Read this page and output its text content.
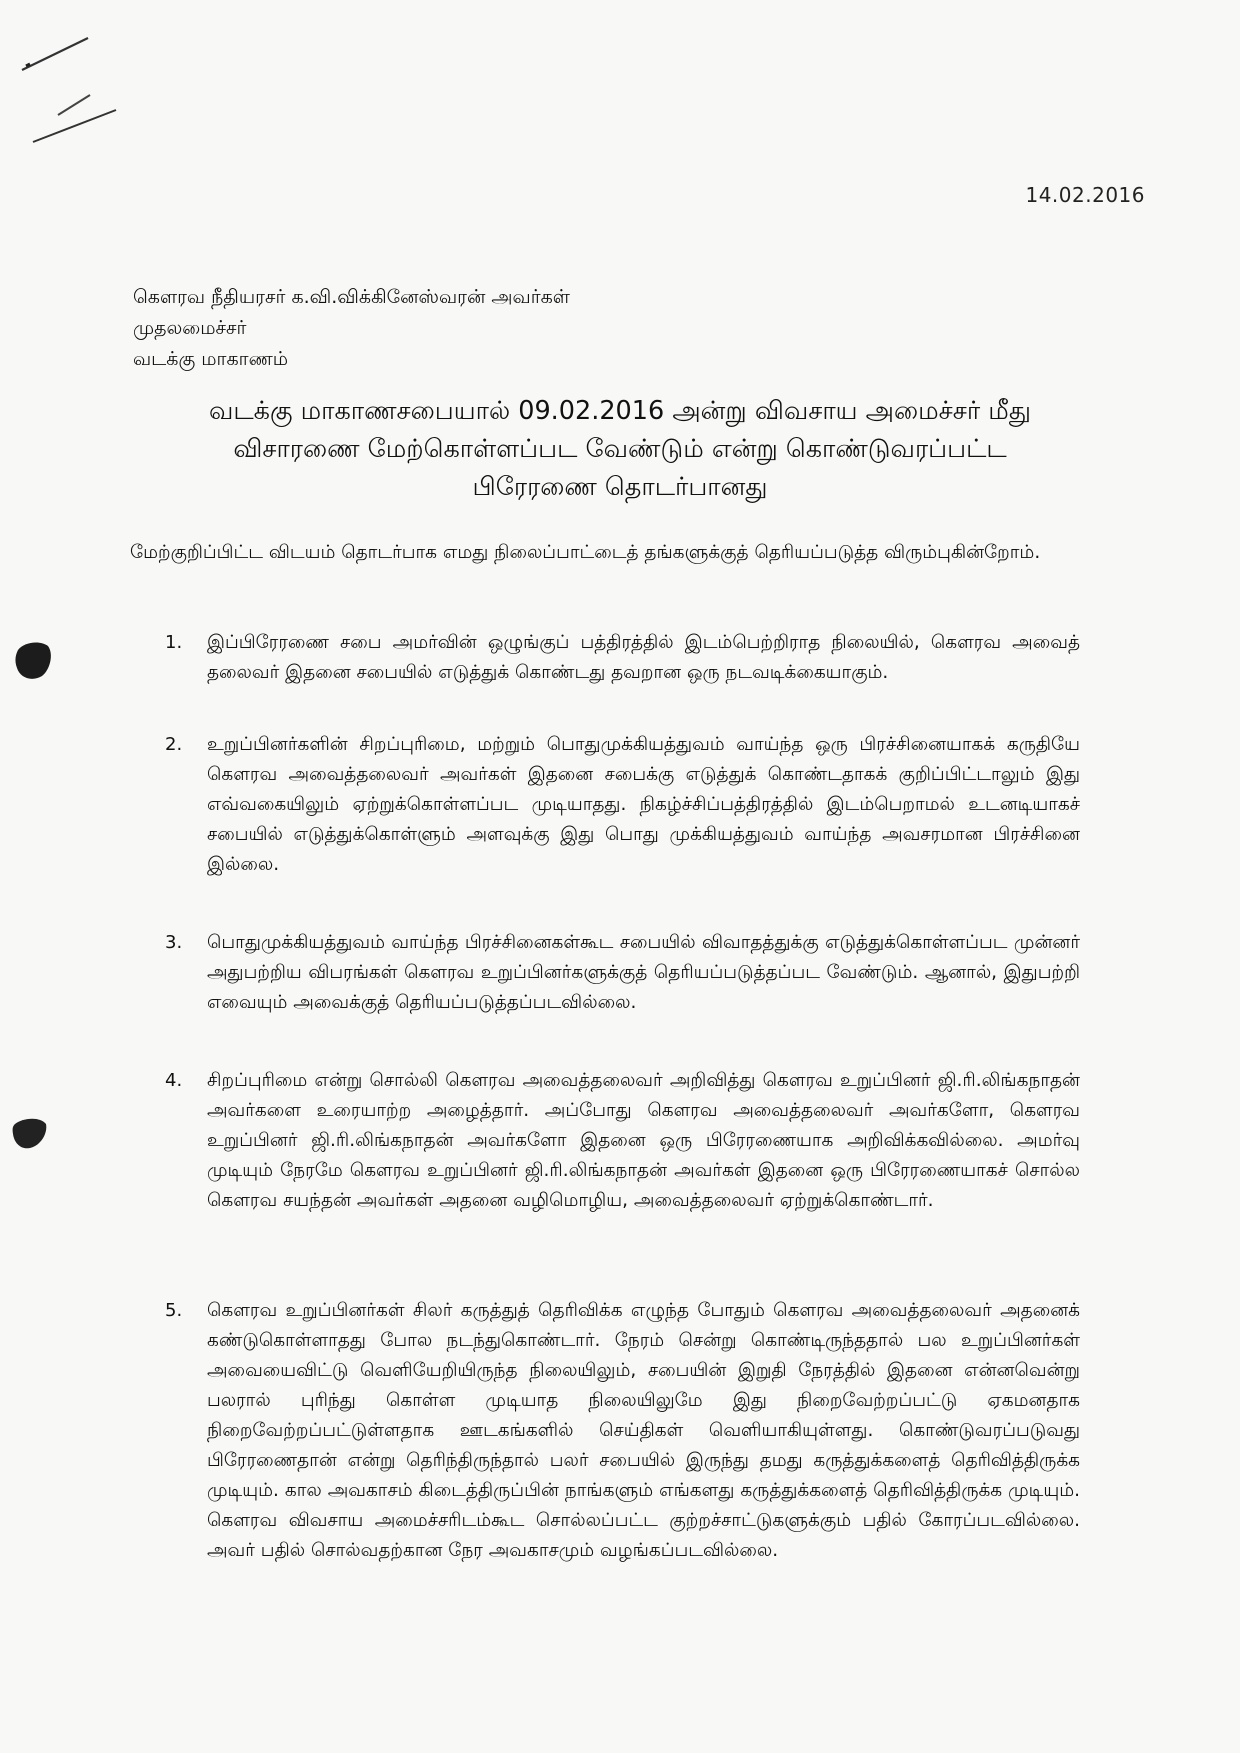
14.02.2016
கௌரவ நீதியரசர் க.வி.விக்கினேஸ்வரன் அவர்கள்
முதலமைச்சர்
வடக்கு மாகாணம்
வடக்கு மாகாணசபையால் 09.02.2016 அன்று விவசாய அமைச்சர் மீது
விசாரணை மேற்கொள்ளப்பட வேண்டும் என்று கொண்டுவரப்பட்ட
பிரேரணை தொடர்பானது
மேற்குறிப்பிட்ட விடயம் தொடர்பாக எமது நிலைப்பாட்டைத் தங்களுக்குத் தெரியப்படுத்த விரும்புகின்றோம்.
1. இப்பிரேரணை சபை அமர்வின் ஒழுங்குப் பத்திரத்தில் இடம்பெற்றிராத நிலையில், கௌரவ அவைத் தலைவர் இதனை சபையில் எடுத்துக் கொண்டது தவறான ஒரு நடவடிக்கையாகும்.
2. உறுப்பினர்களின் சிறப்புரிமை, மற்றும் பொதுமுக்கியத்துவம் வாய்ந்த ஒரு பிரச்சினையாகக் கருதியே கௌரவ அவைத்தலைவர் அவர்கள் இதனை சபைக்கு எடுத்துக் கொண்டதாகக் குறிப்பிட்டாலும் இது எவ்வகையிலும் ஏற்றுக்கொள்ளப்பட முடியாதது. நிகழ்ச்சிப்பத்திரத்தில் இடம்பெறாமல் உடனடியாகச் சபையில் எடுத்துக்கொள்ளும் அளவுக்கு இது பொது முக்கியத்துவம் வாய்ந்த அவசரமான பிரச்சினை இல்லை.
3. பொதுமுக்கியத்துவம் வாய்ந்த பிரச்சினைகள்கூட சபையில் விவாதத்துக்கு எடுத்துக்கொள்ளப்பட முன்னர் அதுபற்றிய விபரங்கள் கௌரவ உறுப்பினர்களுக்குத் தெரியப்படுத்தப்பட வேண்டும். ஆனால், இதுபற்றி எவையும் அவைக்குத் தெரியப்படுத்தப்படவில்லை.
4. சிறப்புரிமை என்று சொல்லி கௌரவ அவைத்தலைவர் அறிவித்து கௌரவ உறுப்பினர் ஜி.ரி.லிங்கநாதன் அவர்களை உரையாற்ற அழைத்தார். அப்போது கௌரவ அவைத்தலைவர் அவர்களோ, கௌரவ உறுப்பினர் ஜி.ரி.லிங்கநாதன் அவர்களோ இதனை ஒரு பிரேரணையாக அறிவிக்கவில்லை. அமர்வு முடியும் நேரமே கௌரவ உறுப்பினர் ஜி.ரி.லிங்கநாதன் அவர்கள் இதனை ஒரு பிரேரணையாகச் சொல்ல கௌரவ சயந்தன் அவர்கள் அதனை வழிமொழிய, அவைத்தலைவர் ஏற்றுக்கொண்டார்.
5. கௌரவ உறுப்பினர்கள் சிலர் கருத்துத் தெரிவிக்க எழுந்த போதும் கௌரவ அவைத்தலைவர் அதனைக் கண்டுகொள்ளாதது போல நடந்துகொண்டார். நேரம் சென்று கொண்டிருந்ததால் பல உறுப்பினர்கள் அவையைவிட்டு வெளியேறியிருந்த நிலையிலும், சபையின் இறுதி நேரத்தில் இதனை என்னவென்று பலரால் புரிந்து கொள்ள முடியாத நிலையிலுமே இது நிறைவேற்றப்பட்டு ஏகமனதாக நிறைவேற்றப்பட்டுள்ளதாக ஊடகங்களில் செய்திகள் வெளியாகியுள்ளது. கொண்டுவரப்படுவது பிரேரணைதான் என்று தெரிந்திருந்தால் பலர் சபையில் இருந்து தமது கருத்துக்களைத் தெரிவித்திருக்க முடியும். கால அவகாசம் கிடைத்திருப்பின் நாங்களும் எங்களது கருத்துக்களைத் தெரிவித்திருக்க முடியும். கௌரவ விவசாய அமைச்சரிடம்கூட சொல்லப்பட்ட குற்றச்சாட்டுகளுக்கும் பதில் கோரப்படவில்லை. அவர் பதில் சொல்வதற்கான நேர அவகாசமும் வழங்கப்படவில்லை.
